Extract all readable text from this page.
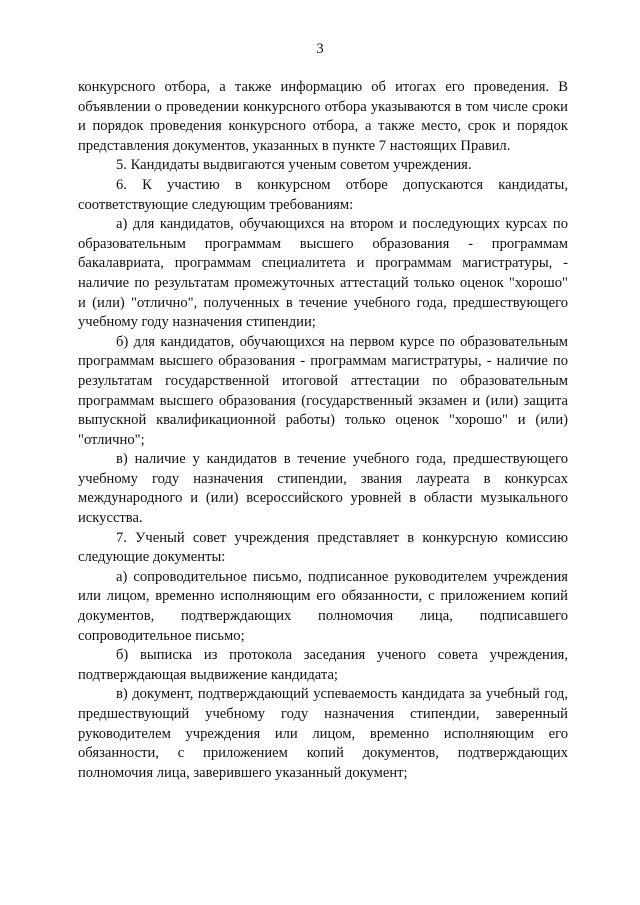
3

конкурсного отбора, а также информацию об итогах его проведения. В объявлении о проведении конкурсного отбора указываются в том числе сроки и порядок проведения конкурсного отбора, а также место, срок и порядок представления документов, указанных в пункте 7 настоящих Правил.

5. Кандидаты выдвигаются ученым советом учреждения.

6. К участию в конкурсном отборе допускаются кандидаты, соответствующие следующим требованиям:

а) для кандидатов, обучающихся на втором и последующих курсах по образовательным программам высшего образования - программам бакалавриата, программам специалитета и программам магистратуры, - наличие по результатам промежуточных аттестаций только оценок "хорошо" и (или) "отлично", полученных в течение учебного года, предшествующего учебному году назначения стипендии;

б) для кандидатов, обучающихся на первом курсе по образовательным программам высшего образования - программам магистратуры, - наличие по результатам государственной итоговой аттестации по образовательным программам высшего образования (государственный экзамен и (или) защита выпускной квалификационной работы) только оценок "хорошо" и (или) "отлично";

в) наличие у кандидатов в течение учебного года, предшествующего учебному году назначения стипендии, звания лауреата в конкурсах международного и (или) всероссийского уровней в области музыкального искусства.

7. Ученый совет учреждения представляет в конкурсную комиссию следующие документы:

а) сопроводительное письмо, подписанное руководителем учреждения или лицом, временно исполняющим его обязанности, с приложением копий документов, подтверждающих полномочия лица, подписавшего сопроводительное письмо;

б) выписка из протокола заседания ученого совета учреждения, подтверждающая выдвижение кандидата;

в) документ, подтверждающий успеваемость кандидата за учебный год, предшествующий учебному году назначения стипендии, заверенный руководителем учреждения или лицом, временно исполняющим его обязанности, с приложением копий документов, подтверждающих полномочия лица, заверившего указанный документ;
